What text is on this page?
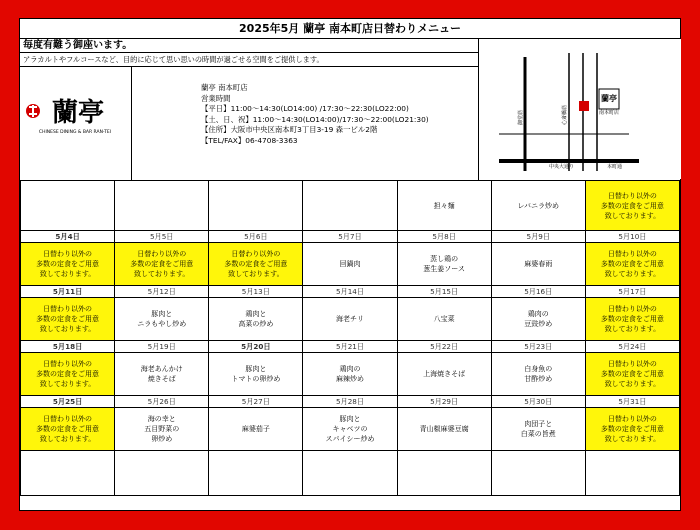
2025年5月 蘭亭 南本町店日替わりメニュー
毎度有難う御座います。
アラカルトやフルコースなど、目的に応じて思い思いの時間が過ごせる空間をご提供します。
蘭亭
CHINESE DINING & BAR RAN-TEI
蘭亭 南本町店
営業時間
【平日】11:00～14:30(LO14:00) /17:30～22:30(LO22:00)
【土、日、祝】11:00～14:30(LO14:00)/17:30～22:00(LO21:30)
【住所】大阪市中央区南本町3丁目3-19 森一ビル2階
【TEL/FAX】06-4708-3363
蘭亭
南本町店
中央大通り	本町通
御堂筋	心斎橋筋
				担々麺	レバニラ炒め	日替わり以外の
多数の定食をご用意
致しております。
5月4日	5月5日	5月6日	5月7日	5月8日	5月9日	5月10日
日替わり以外の
多数の定食をご用意
致しております。	日替わり以外の
多数の定食をご用意
致しております。	日替わり以外の
多数の定食をご用意
致しております。	回鍋肉	蒸し鶏の
葱生姜ソース	麻婆春雨	日替わり以外の
多数の定食をご用意
致しております。
5月11日	5月12日	5月13日	5月14日	5月15日	5月16日	5月17日
日替わり以外の
多数の定食をご用意
致しております。	豚肉と
ニラもやし炒め	鶏肉と
高菜の炒め	海老チリ	八宝菜	鶏肉の
豆豉炒め	日替わり以外の
多数の定食をご用意
致しております。
5月18日	5月19日	5月20日	5月21日	5月22日	5月23日	5月24日
日替わり以外の
多数の定食をご用意
致しております。	海老あんかけ
焼きそば	豚肉と
トマトの卵炒め	鶏肉の
麻辣炒め	上海焼きそば	白身魚の
甘酢炒め	日替わり以外の
多数の定食をご用意
致しております。
5月25日	5月26日	5月27日	5月28日	5月29日	5月30日	5月31日
日替わり以外の
多数の定食をご用意
致しております。	海の幸と
五目野菜の
卵炒め	麻婆茄子	豚肉と
キャベツの
スパイシー炒め	青山椒麻婆豆腐	肉団子と
白菜の旨煮	日替わり以外の
多数の定食をご用意
致しております。
